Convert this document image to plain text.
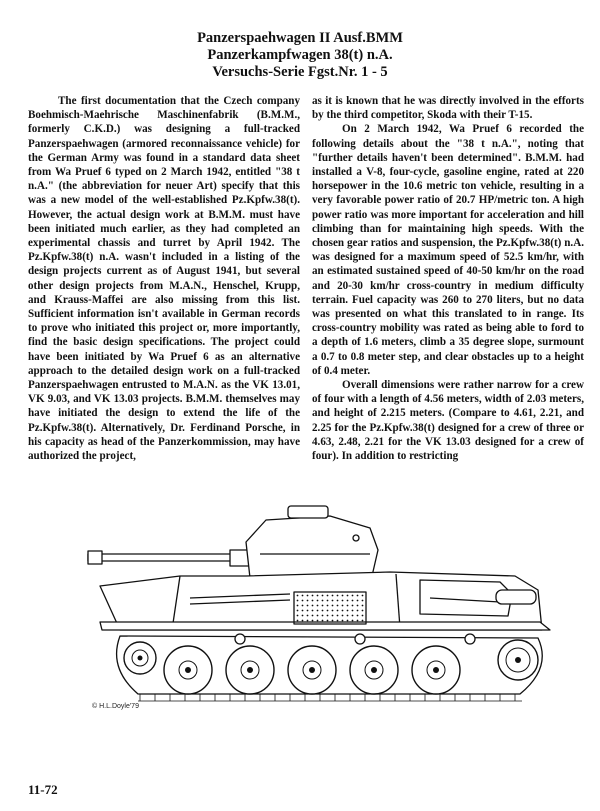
Panzerspaehwagen II Ausf.BMM
Panzerkampfwagen 38(t) n.A.
Versuchs-Serie Fgst.Nr. 1 - 5

The first documentation that the Czech company Boehmisch-Maehrische Maschinenfabrik (B.M.M., formerly C.K.D.) was designing a full-tracked Panzerspaehwagen (armored reconnaissance vehicle) for the German Army was found in a standard data sheet from Wa Pruef 6 typed on 2 March 1942, entitled "38 t n.A." (the abbreviation for neuer Art) specify that this was a new model of the well-established Pz.Kpfw.38(t). However, the actual design work at B.M.M. must have been initiated much earlier, as they had completed an experimental chassis and turret by April 1942. The Pz.Kpfw.38(t) n.A. wasn't included in a listing of the design projects current as of August 1941, but several other design projects from M.A.N., Henschel, Krupp, and Krauss-Maffei are also missing from this list. Sufficient information isn't available in German records to prove who initiated this project or, more importantly, find the basic design specifications. The project could have been initiated by Wa Pruef 6 as an alternative approach to the detailed design work on a full-tracked Panzerspaehwagen entrusted to M.A.N. as the VK 13.01, VK 9.03, and VK 13.03 projects. B.M.M. themselves may have initiated the design to extend the life of the Pz.Kpfw.38(t). Alternatively, Dr. Ferdinand Porsche, in his capacity as head of the Panzerkommission, may have authorized the project,

as it is known that he was directly involved in the efforts by the third competitor, Skoda with their T-15.

On 2 March 1942, Wa Pruef 6 recorded the following details about the "38 t n.A.", noting that "further details haven't been determined". B.M.M. had installed a V-8, four-cycle, gasoline engine, rated at 220 horsepower in the 10.6 metric ton vehicle, resulting in a very favorable power ratio of 20.7 HP/metric ton. A high power ratio was more important for acceleration and hill climbing than for maintaining high speeds. With the chosen gear ratios and suspension, the Pz.Kpfw.38(t) n.A. was designed for a maximum speed of 52.5 km/hr, with an estimated sustained speed of 40-50 km/hr on the road and 20-30 km/hr cross-country in medium difficulty terrain. Fuel capacity was 260 to 270 liters, but no data was presented on what this translated to in range. Its cross-country mobility was rated as being able to ford to a depth of 1.6 meters, climb a 35 degree slope, surmount a 0.7 to 0.8 meter step, and clear obstacles up to a height of 0.4 meter.

Overall dimensions were rather narrow for a crew of four with a length of 4.56 meters, width of 2.03 meters, and height of 2.215 meters. (Compare to 4.61, 2.21, and 2.25 for the Pz.Kpfw.38(t) designed for a crew of three or 4.63, 2.48, 2.21 for the VK 13.03 designed for a crew of four). In addition to restricting

© H.L.Doyle'79
11-72
